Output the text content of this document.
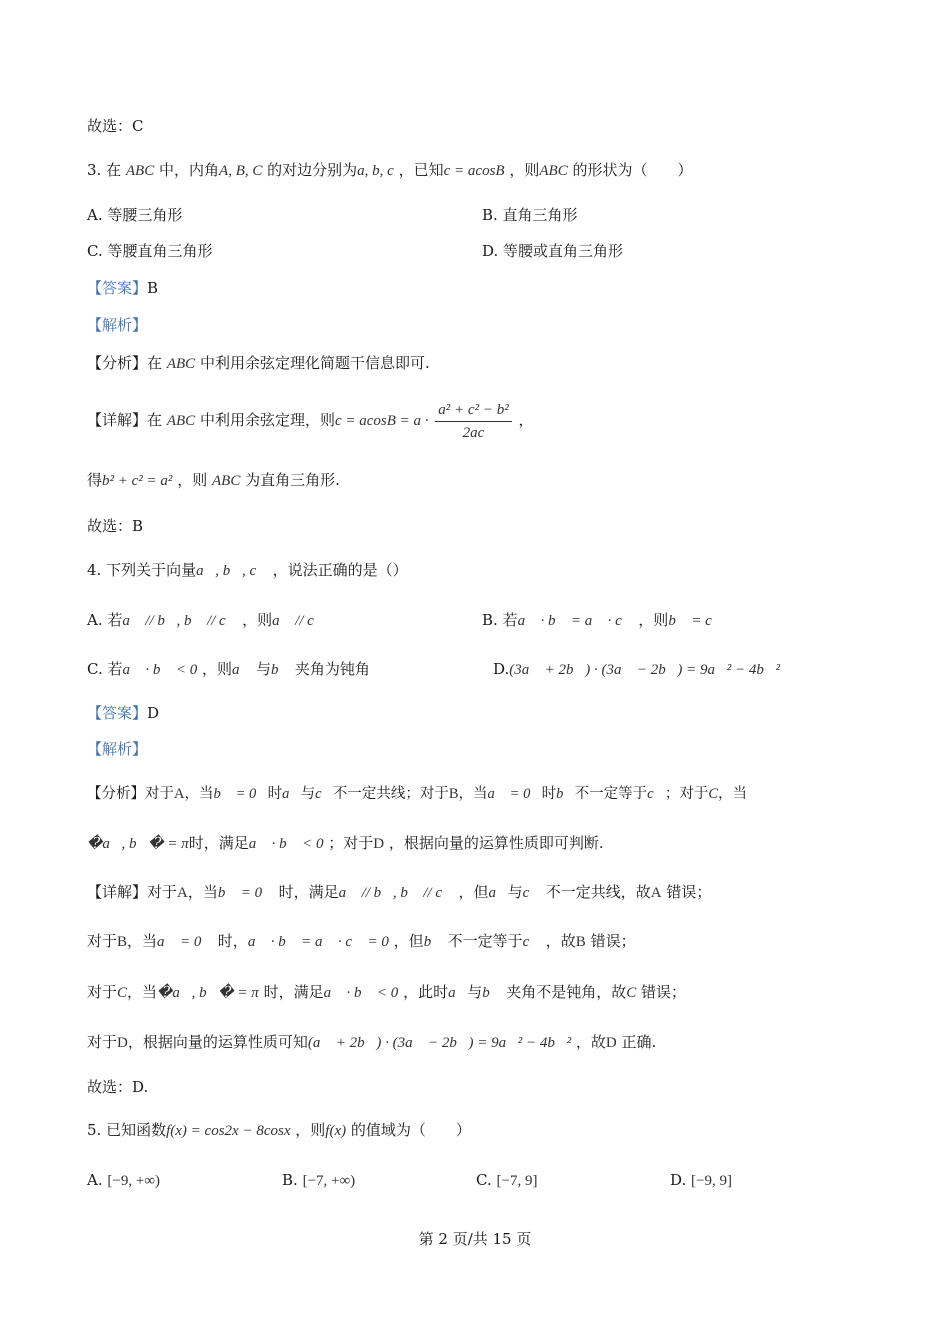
故选：C
3. 在 ABC 中，内角A, B, C 的对边分别为a, b, c ，已知c = acosB ，则ABC 的形状为（　　）
A. 等腰三角形	B. 直角三角形
C. 等腰直角三角形	D. 等腰或直角三角形
【答案】B
【解析】
【分析】在 ABC 中利用余弦定理化简题干信息即可.
【详解】在 ABC 中利用余弦定理，则$c = acosB = a \cdot \frac{\text{a² + c² − b²}}{2ac}$ ，
得b² + c² = a² ，则 ABC 为直角三角形.
故选：B
4. 下列关于向量a⃗, b⃗, c⃗ ，说法正确的是（）
A. 若a⃗ // b⃗, b⃗ // c⃗ ，则a⃗ // c⃗	B. 若a⃗ · b⃗ = a⃗ · c⃗ ，则b⃗ = c⃗
C. 若a⃗ · b⃗ < 0 ，则a⃗ 与b⃗ 夹角为钝角	D.(3a⃗ + 2b⃗) · (3a⃗ − 2b⃗) = 9a⃗² − 4b⃗²
【答案】D
【解析】
【分析】对于A，当b⃗ = 0⃗时a⃗与c⃗不一定共线；对于B，当a⃗ = 0⃗时b⃗不一定等于c⃗；对于C，当
�a⃗, b⃗� = π时，满足a⃗ · b⃗ < 0 ；对于D ，根据向量的运算性质即可判断.
【详解】对于A，当b⃗ = 0⃗ 时，满足a⃗ // b⃗, b⃗ // c⃗ ，但a⃗与c⃗ 不一定共线，故A 错误；
对于B，当a⃗ = 0⃗ 时，a⃗ · b⃗ = a⃗ · c⃗ = 0 ，但b⃗ 不一定等于c⃗ ，故B 错误；
对于C，当�a⃗, b⃗� = π 时，满足a⃗ · b⃗ < 0 ，此时a⃗与b⃗ 夹角不是钝角，故C 错误；
对于D，根据向量的运算性质可知(a⃗ + 2b⃗) · (3a⃗ − 2b⃗) = 9a⃗² − 4b⃗² ，故D 正确.
故选：D.
5. 已知函数f(x) = cos2x − 8cosx ，则f(x) 的值域为（　　）
A. [−9, +∞)	B. [−7, +∞)	C. [−7, 9]	D. [−9, 9]
第 2 页/共 15 页
